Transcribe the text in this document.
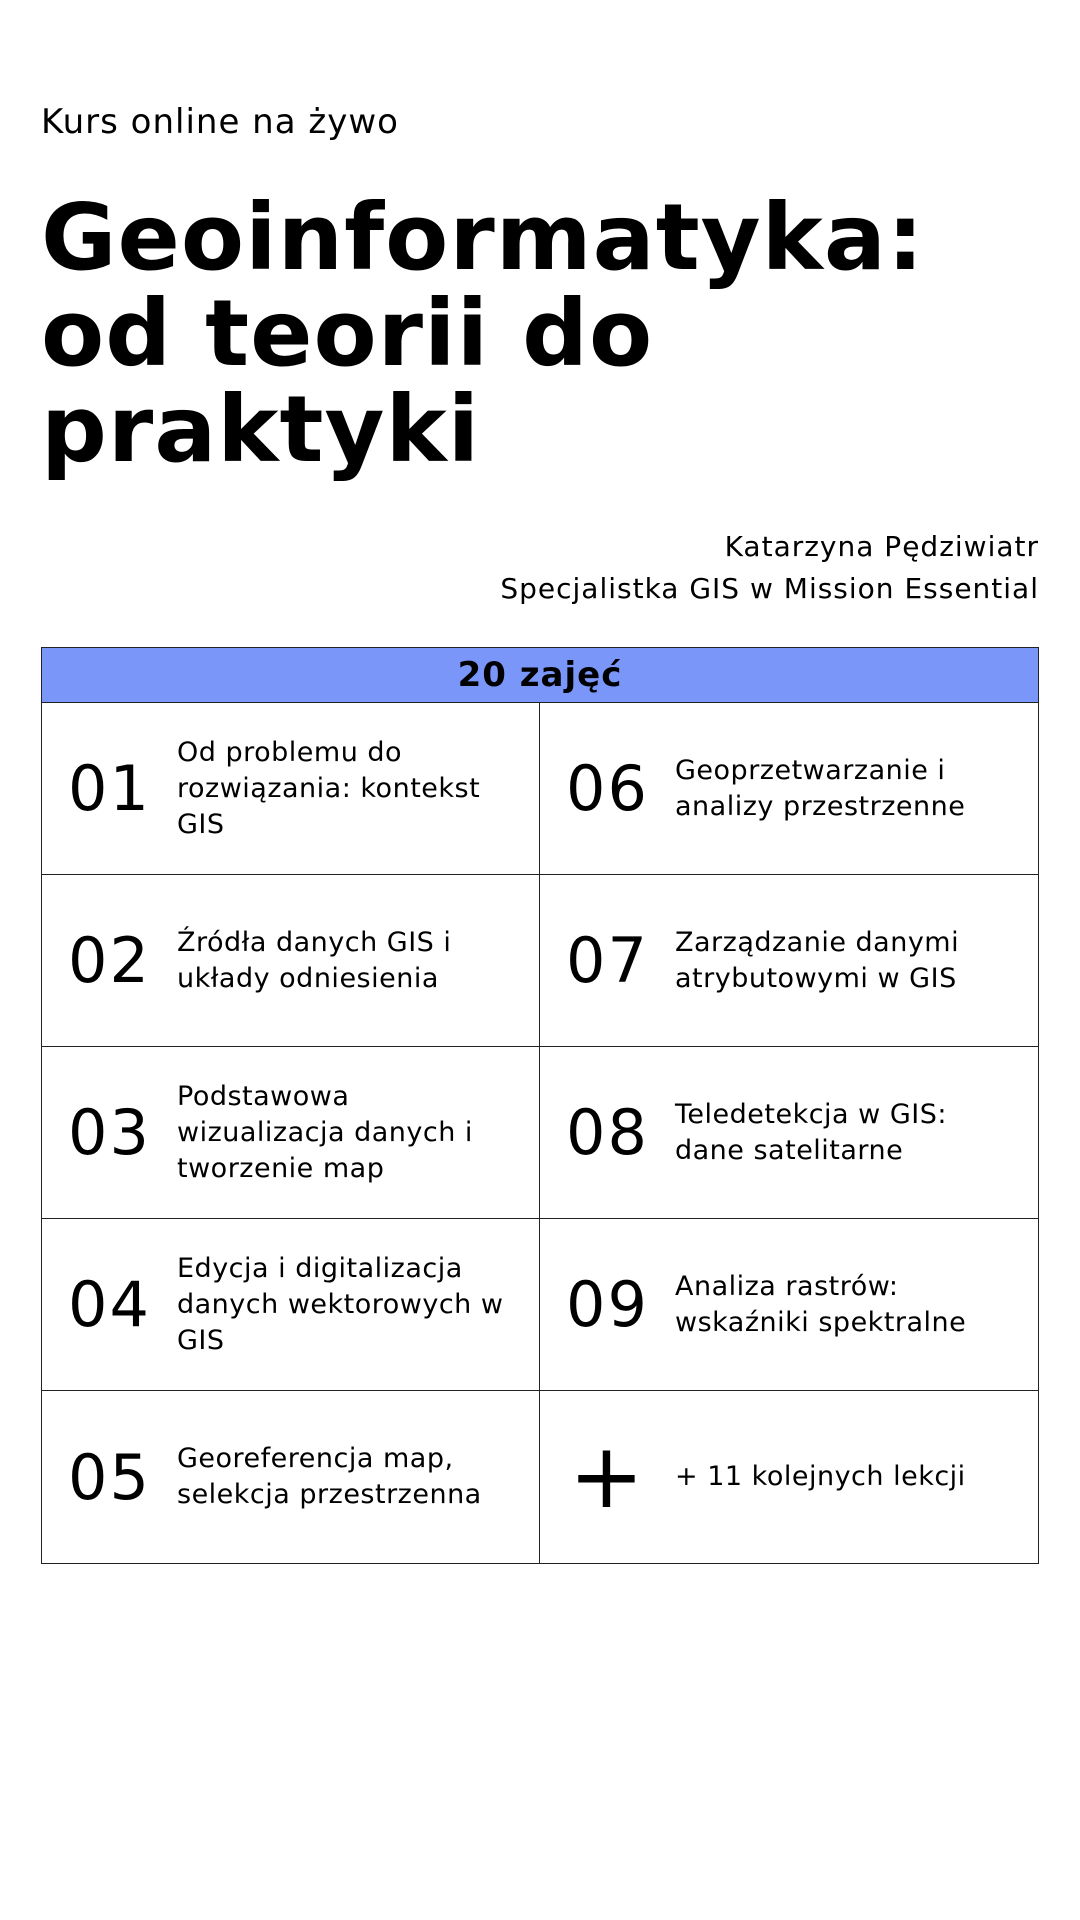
Kurs online na żywo
Geoinformatyka:
od teorii do
praktyki
Katarzyna Pędziwiatr
Specjalistka GIS w Mission Essential
20 zajęć
01 Od problemu do rozwiązania: kontekst GIS	06 Geoprzetwarzanie i analizy przestrzenne
02 Źródła danych GIS i układy odniesienia	07 Zarządzanie danymi atrybutowymi w GIS
03 Podstawowa wizualizacja danych i tworzenie map	08 Teledetekcja w GIS: dane satelitarne
04 Edycja i digitalizacja danych wektorowych w GIS	09 Analiza rastrów: wskaźniki spektralne
05 Georeferencja map, selekcja przestrzenna +	+ 11 kolejnych lekcji
